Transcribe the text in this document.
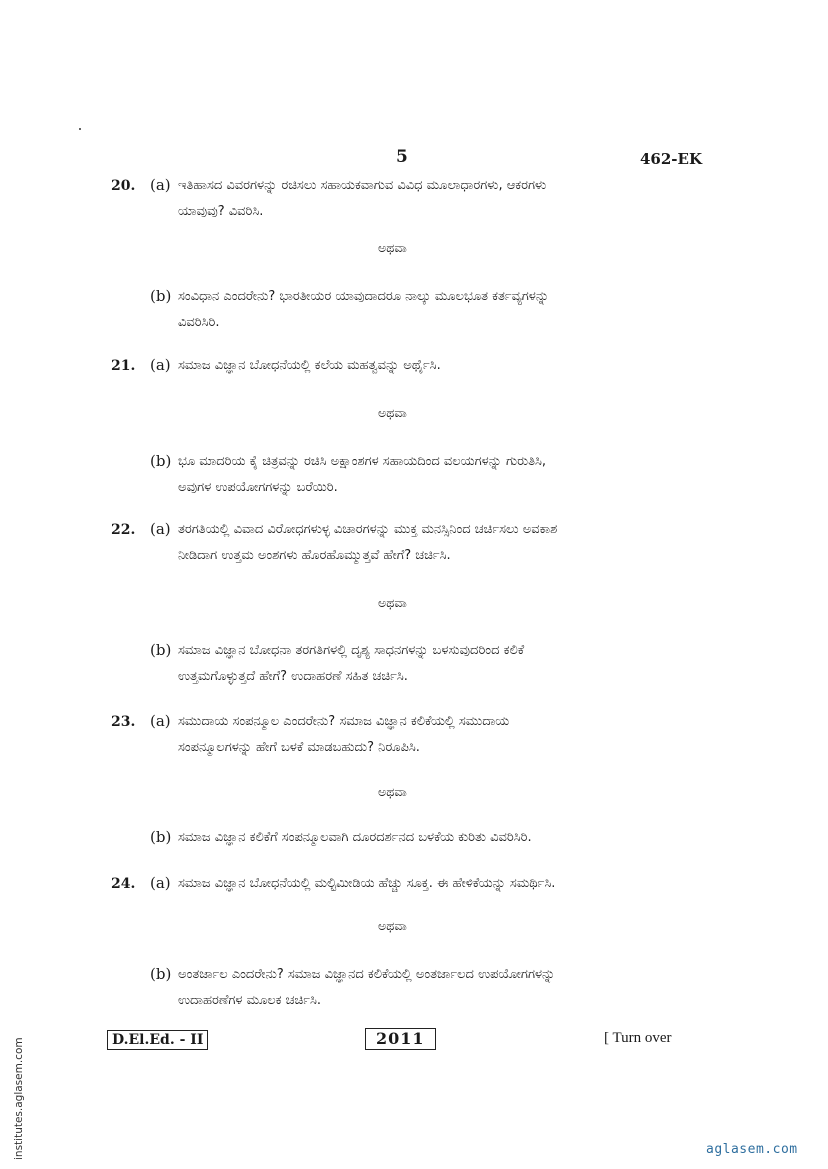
5	462-EK
20. (a) ಇತಿಹಾಸದ ವಿವರಗಳನ್ನು ರಚಿಸಲು ಸಹಾಯಕವಾಗುವ ವಿವಿಧ ಮೂಲಾಧಾರಗಳು, ಆಕರಗಳು
ಯಾವುವು? ವಿವರಿಸಿ.
ಅಥವಾ
(b) ಸಂವಿಧಾನ ಎಂದರೇನು? ಭಾರತೀಯರ ಯಾವುದಾದರೂ ನಾಲ್ಕು ಮೂಲಭೂತ ಕರ್ತವ್ಯಗಳನ್ನು
ವಿವರಿಸಿರಿ.
21. (a) ಸಮಾಜ ವಿಜ್ಞಾನ ಬೋಧನೆಯಲ್ಲಿ ಕಲೆಯ ಮಹತ್ವವನ್ನು ಅರ್ಥೈಸಿ.
ಅಥವಾ
(b) ಭೂ ಮಾದರಿಯ ಕೈ ಚಿತ್ರವನ್ನು ರಚಿಸಿ ಅಕ್ಷಾಂಶಗಳ ಸಹಾಯದಿಂದ ವಲಯಗಳನ್ನು ಗುರುತಿಸಿ,
ಅವುಗಳ ಉಪಯೋಗಗಳನ್ನು ಬರೆಯಿರಿ.
22. (a) ತರಗತಿಯಲ್ಲಿ ವಿವಾದ ವಿರೋಧಗಳುಳ್ಳ ವಿಚಾರಗಳನ್ನು ಮುಕ್ತ ಮನಸ್ಸಿನಿಂದ ಚರ್ಚಿಸಲು ಅವಕಾಶ
ನೀಡಿದಾಗ ಉತ್ತಮ ಅಂಶಗಳು ಹೊರಹೊಮ್ಮುತ್ತವೆ ಹೇಗೆ? ಚರ್ಚಿಸಿ.
ಅಥವಾ
(b) ಸಮಾಜ ವಿಜ್ಞಾನ ಬೋಧನಾ ತರಗತಿಗಳಲ್ಲಿ ದೃಶ್ಯ ಸಾಧನಗಳನ್ನು ಬಳಸುವುದರಿಂದ ಕಲಿಕೆ
ಉತ್ತಮಗೊಳ್ಳುತ್ತದೆ ಹೇಗೆ? ಉದಾಹರಣೆ ಸಹಿತ ಚರ್ಚಿಸಿ.
23. (a) ಸಮುದಾಯ ಸಂಪನ್ಮೂಲ ಎಂದರೇನು? ಸಮಾಜ ವಿಜ್ಞಾನ ಕಲಿಕೆಯಲ್ಲಿ ಸಮುದಾಯ
ಸಂಪನ್ಮೂಲಗಳನ್ನು ಹೇಗೆ ಬಳಕೆ ಮಾಡಬಹುದು? ನಿರೂಪಿಸಿ.
ಅಥವಾ
(b) ಸಮಾಜ ವಿಜ್ಞಾನ ಕಲಿಕೆಗೆ ಸಂಪನ್ಮೂಲವಾಗಿ ದೂರದರ್ಶನದ ಬಳಕೆಯ ಕುರಿತು ವಿವರಿಸಿರಿ.
24. (a) ಸಮಾಜ ವಿಜ್ಞಾನ ಬೋಧನೆಯಲ್ಲಿ ಮಲ್ಟಿಮೀಡಿಯ ಹೆಚ್ಚು ಸೂಕ್ತ. ಈ ಹೇಳಿಕೆಯನ್ನು ಸಮರ್ಥಿಸಿ.
ಅಥವಾ
(b) ಅಂತರ್ಜಾಲ ಎಂದರೇನು? ಸಮಾಜ ವಿಜ್ಞಾನದ ಕಲಿಕೆಯಲ್ಲಿ ಅಂತರ್ಜಾಲದ ಉಪಯೋಗಗಳನ್ನು
ಉದಾಹರಣೆಗಳ ಮೂಲಕ ಚರ್ಚಿಸಿ.
D.El.Ed. - II	2011	[ Turn over
institutes.aglasem.com	aglasem.com
